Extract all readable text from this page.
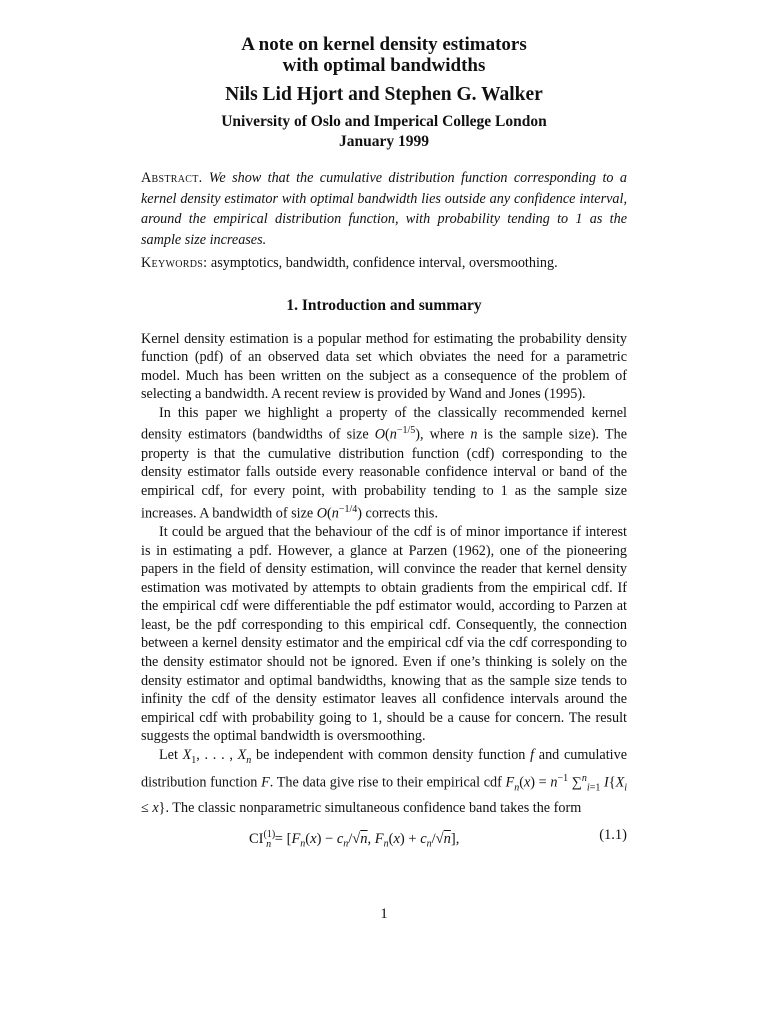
A note on kernel density estimators
with optimal bandwidths
Nils Lid Hjort and Stephen G. Walker
University of Oslo and Imperical College London
January 1999
Abstract. We show that the cumulative distribution function corresponding to a kernel density estimator with optimal bandwidth lies outside any confidence interval, around the empirical distribution function, with probability tending to 1 as the sample size increases.
Keywords: asymptotics, bandwidth, confidence interval, oversmoothing.
1. Introduction and summary

Kernel density estimation is a popular method for estimating the probability density function (pdf) of an observed data set which obviates the need for a parametric model. Much has been written on the subject as a consequence of the problem of selecting a bandwidth. A recent review is provided by Wand and Jones (1995).

In this paper we highlight a property of the classically recommended kernel density estimators (bandwidths of size $O(n^{-1/5})$, where n is the sample size). The property is that the cumulative distribution function (cdf) corresponding to the density estimator falls outside every reasonable confidence interval or band of the empirical cdf, for every point, with probability tending to 1 as the sample size increases. A bandwidth of size $O(n^{-1/4})$ corrects this.

It could be argued that the behaviour of the cdf is of minor importance if interest is in estimating a pdf. However, a glance at Parzen (1962), one of the pioneering papers in the field of density estimation, will convince the reader that kernel density estimation was motivated by attempts to obtain gradients from the empirical cdf. If the empirical cdf were differentiable the pdf estimator would, according to Parzen at least, be the pdf corresponding to this empirical cdf. Consequently, the connection between a kernel density estimator and the empirical cdf via the cdf corresponding to the density estimator should not be ignored. Even if one’s thinking is solely on the density estimator and optimal bandwidths, knowing that as the sample size tends to infinity the cdf of the density estimator leaves all confidence intervals around the empirical cdf with probability going to 1, should be a cause for concern. The result suggests the optimal bandwidth is oversmoothing.

Let $X_1$, . . . , $X_n$ be independent with common density function f and cumulative distribution function F. The data give rise to their empirical cdf $F_n(x) = n^{-1}$ ∑$^n_{i=1}$ $I\{X_i \le x\}$. The classic nonparametric simultaneous confidence band takes the form

$CI^{(1)}_n = [F_n(x) - c_n/√n$, $F_n(x) + c_n/√n$],	(1.1)
1
